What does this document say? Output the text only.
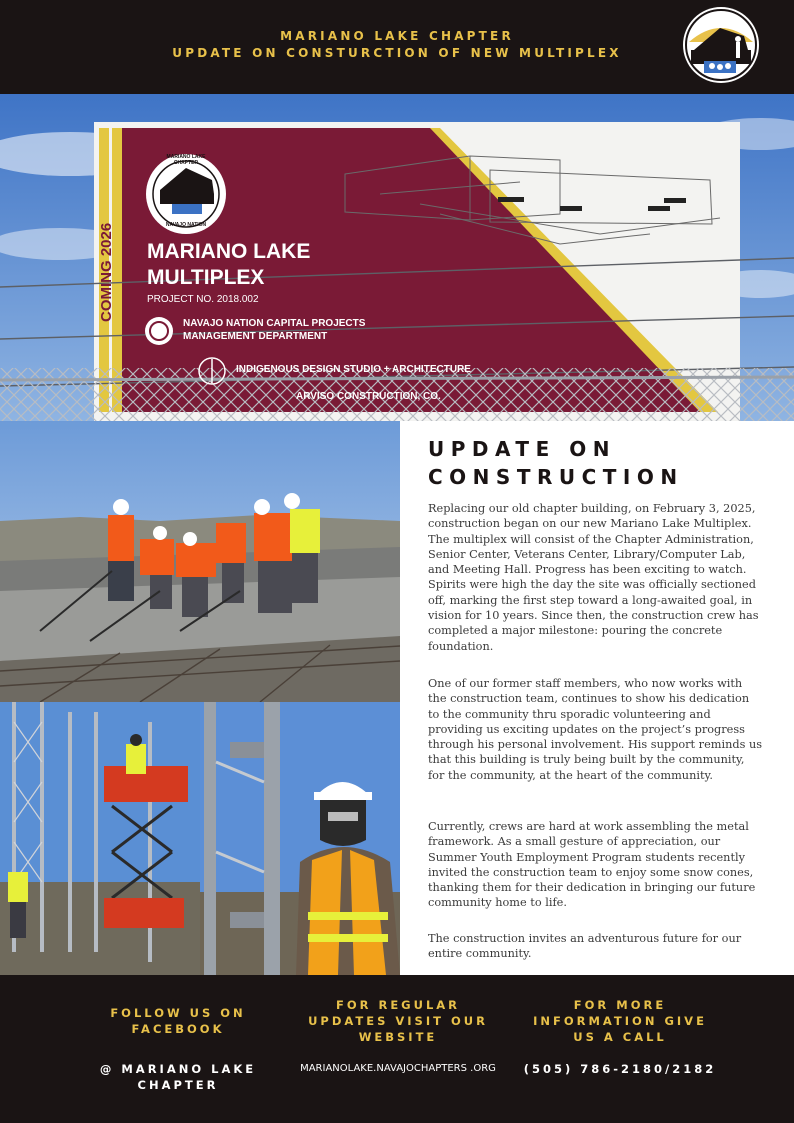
MARIANO LAKE CHAPTER
UPDATE ON CONSTURCTION OF NEW MULTIPLEX
COMING 2026
MARIANO LAKE CHAPTER
NAVAJO NATION
MARIANO LAKE
MULTIPLEX
PROJECT NO. 2018.002
NAVAJO NATION CAPITAL PROJECTS
MANAGEMENT DEPARTMENT
INDIGENOUS DESIGN STUDIO + ARCHITECTURE
ARVISO CONSTRUCTION, CO.
UPDATE ON
CONSTRUCTION

Replacing our old chapter building, on February 3, 2025, construction began on our new Mariano Lake Multiplex. The multiplex will consist of the Chapter Administration, Senior Center, Veterans Center, Library/Computer Lab, and Meeting Hall. Progress has been exciting to watch. Spirits were high the day the site was officially sectioned off, marking the first step toward a long-awaited goal, in vision for 10 years. Since then, the construction crew has completed a major milestone: pouring the concrete foundation.

One of our former staff members, who now works with the construction team, continues to show his dedication to the community thru sporadic volunteering and providing us exciting updates on the project’s progress through his personal involvement. His support reminds us that this building is truly being built by the community, for the community, at the heart of the community.

Currently, crews are hard at work assembling the metal framework. As a small gesture of appreciation, our Summer Youth Employment Program students recently invited the construction team to enjoy some snow cones, thanking them for their dedication in bringing our future community home to life.

The construction invites an adventurous future for our entire community.

FOLLOW US ON FACEBOOK
@ MARIANO LAKE CHAPTER
FOR REGULAR UPDATES VISIT OUR WEBSITE
MARIANOLAKE.NAVAJOCHAPTERS .ORG
FOR MORE INFORMATION GIVE US A CALL
(505) 786-2180/2182
